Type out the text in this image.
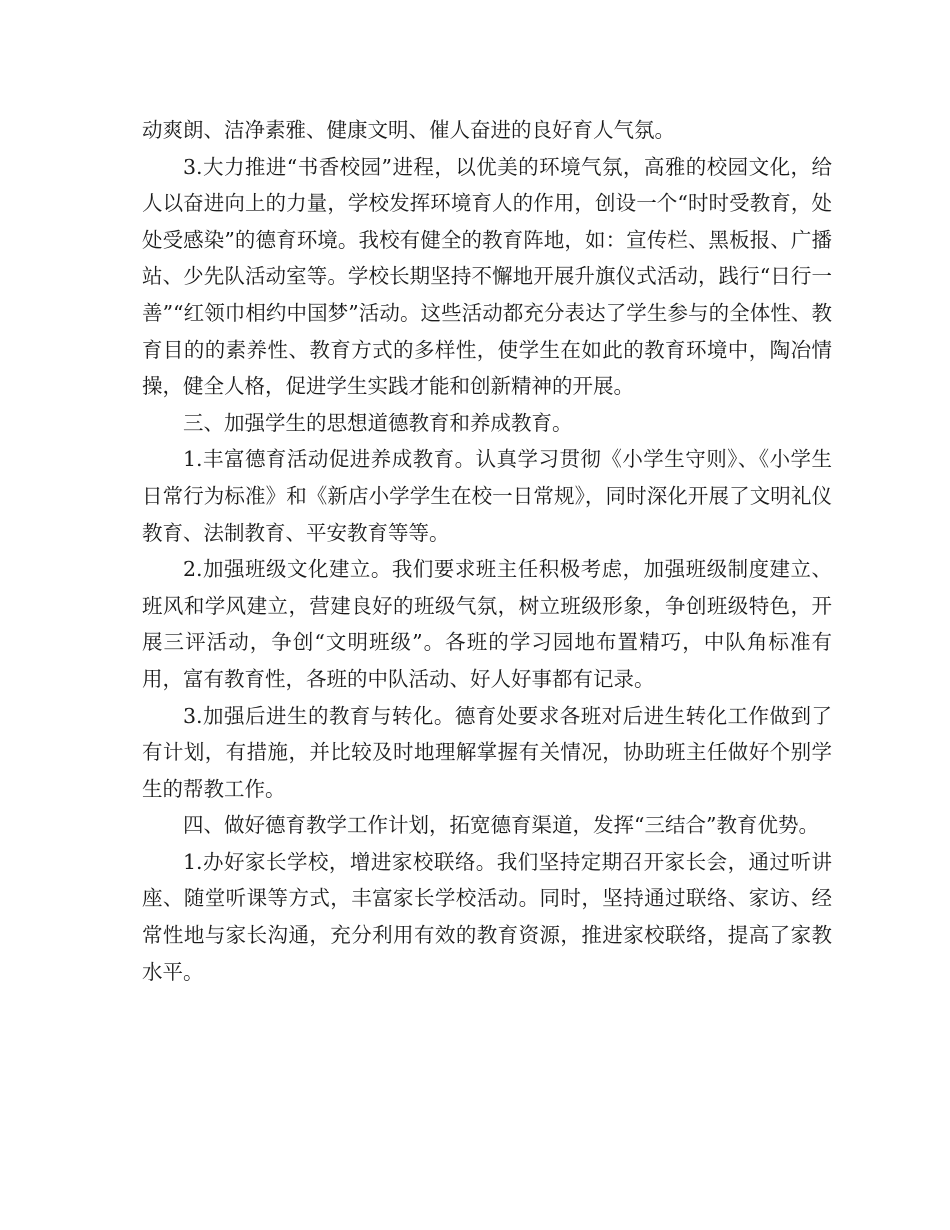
动爽朗、洁净素雅、健康文明、催人奋进的良好育人气氛。

3.大力推进“书香校园”进程，以优美的环境气氛，高雅的校园文化，给人以奋进向上的力量，学校发挥环境育人的作用，创设一个“时时受教育，处处受感染”的德育环境。我校有健全的教育阵地，如：宣传栏、黑板报、广播站、少先队活动室等。学校长期坚持不懈地开展升旗仪式活动，践行“日行一善”“红领巾相约中国梦”活动。这些活动都充分表达了学生参与的全体性、教育目的的素养性、教育方式的多样性，使学生在如此的教育环境中，陶冶情操，健全人格，促进学生实践才能和创新精神的开展。

三、加强学生的思想道德教育和养成教育。

1.丰富德育活动促进养成教育。认真学习贯彻《小学生守则》、《小学生日常行为标准》和《新店小学学生在校一日常规》，同时深化开展了文明礼仪教育、法制教育、平安教育等等。

2.加强班级文化建立。我们要求班主任积极考虑，加强班级制度建立、班风和学风建立，营建良好的班级气氛，树立班级形象，争创班级特色，开展三评活动，争创“文明班级”。各班的学习园地布置精巧，中队角标准有用，富有教育性，各班的中队活动、好人好事都有记录。

3.加强后进生的教育与转化。德育处要求各班对后进生转化工作做到了有计划，有措施，并比较及时地理解掌握有关情况，协助班主任做好个别学生的帮教工作。

四、做好德育教学工作计划，拓宽德育渠道，发挥“三结合”教育优势。

1.办好家长学校，增进家校联络。我们坚持定期召开家长会，通过听讲座、随堂听课等方式，丰富家长学校活动。同时，坚持通过联络、家访、经常性地与家长沟通，充分利用有效的教育资源，推进家校联络，提高了家教水平。
